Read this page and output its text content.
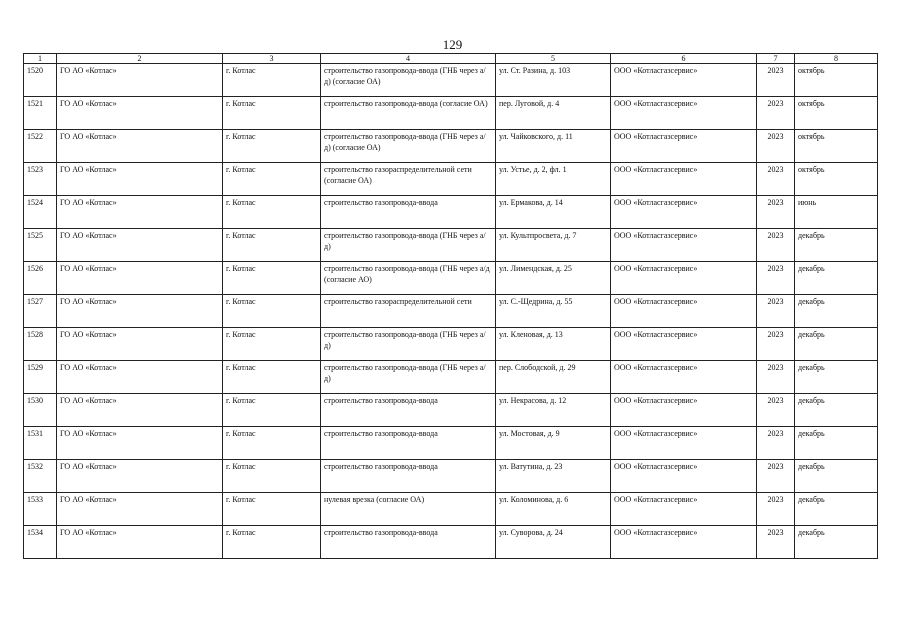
129
1	2	3	4	5	6	7	8
1520	ГО АО «Котлас»	г. Котлас	строительство газопровода-ввода (ГНБ через а/д) (согласие ОА)	ул. Ст. Разина, д. 103	ООО «Котласгазсервис»	2023	октябрь
1521	ГО АО «Котлас»	г. Котлас	строительство газопровода-ввода (согласие ОА)	пер. Луговой, д. 4	ООО «Котласгазсервис»	2023	октябрь
1522	ГО АО «Котлас»	г. Котлас	строительство газопровода-ввода (ГНБ через а/д) (согласие ОА)	ул. Чайковского, д. 11	ООО «Котласгазсервис»	2023	октябрь
1523	ГО АО «Котлас»	г. Котлас	строительство газораспределительной сети (согласие ОА)	ул. Устье, д. 2, фл. 1	ООО «Котласгазсервис»	2023	октябрь
1524	ГО АО «Котлас»	г. Котлас	строительство газопровода-ввода	ул. Ермакова, д. 14	ООО «Котласгазсервис»	2023	июнь
1525	ГО АО «Котлас»	г. Котлас	строительство газопровода-ввода (ГНБ через а/д)	ул. Культпросвета, д. 7	ООО «Котласгазсервис»	2023	декабрь
1526	ГО АО «Котлас»	г. Котлас	строительство газопровода-ввода (ГНБ через а/д (согласие АО)	ул. Лимендская, д. 25	ООО «Котласгазсервис»	2023	декабрь
1527	ГО АО «Котлас»	г. Котлас	строительство газораспределительной сети	ул. С.-Щедрина, д. 55	ООО «Котласгазсервис»	2023	декабрь
1528	ГО АО «Котлас»	г. Котлас	строительство газопровода-ввода (ГНБ через а/д)	ул. Кленовая, д. 13	ООО «Котласгазсервис»	2023	декабрь
1529	ГО АО «Котлас»	г. Котлас	строительство газопровода-ввода (ГНБ через а/д)	пер. Слободской, д. 29	ООО «Котласгазсервис»	2023	декабрь
1530	ГО АО «Котлас»	г. Котлас	строительство газопровода-ввода	ул. Некрасова, д. 12	ООО «Котласгазсервис»	2023	декабрь
1531	ГО АО «Котлас»	г. Котлас	строительство газопровода-ввода	ул. Мостовая, д. 9	ООО «Котласгазсервис»	2023	декабрь
1532	ГО АО «Котлас»	г. Котлас	строительство газопровода-ввода	ул. Ватутина, д. 23	ООО «Котласгазсервис»	2023	декабрь
1533	ГО АО «Котлас»	г. Котлас	нулевая врезка (согласие ОА)	ул. Коломинова, д. 6	ООО «Котласгазсервис»	2023	декабрь
1534	ГО АО «Котлас»	г. Котлас	строительство газопровода-ввода	ул. Суворова, д. 24	ООО «Котласгазсервис»	2023	декабрь
